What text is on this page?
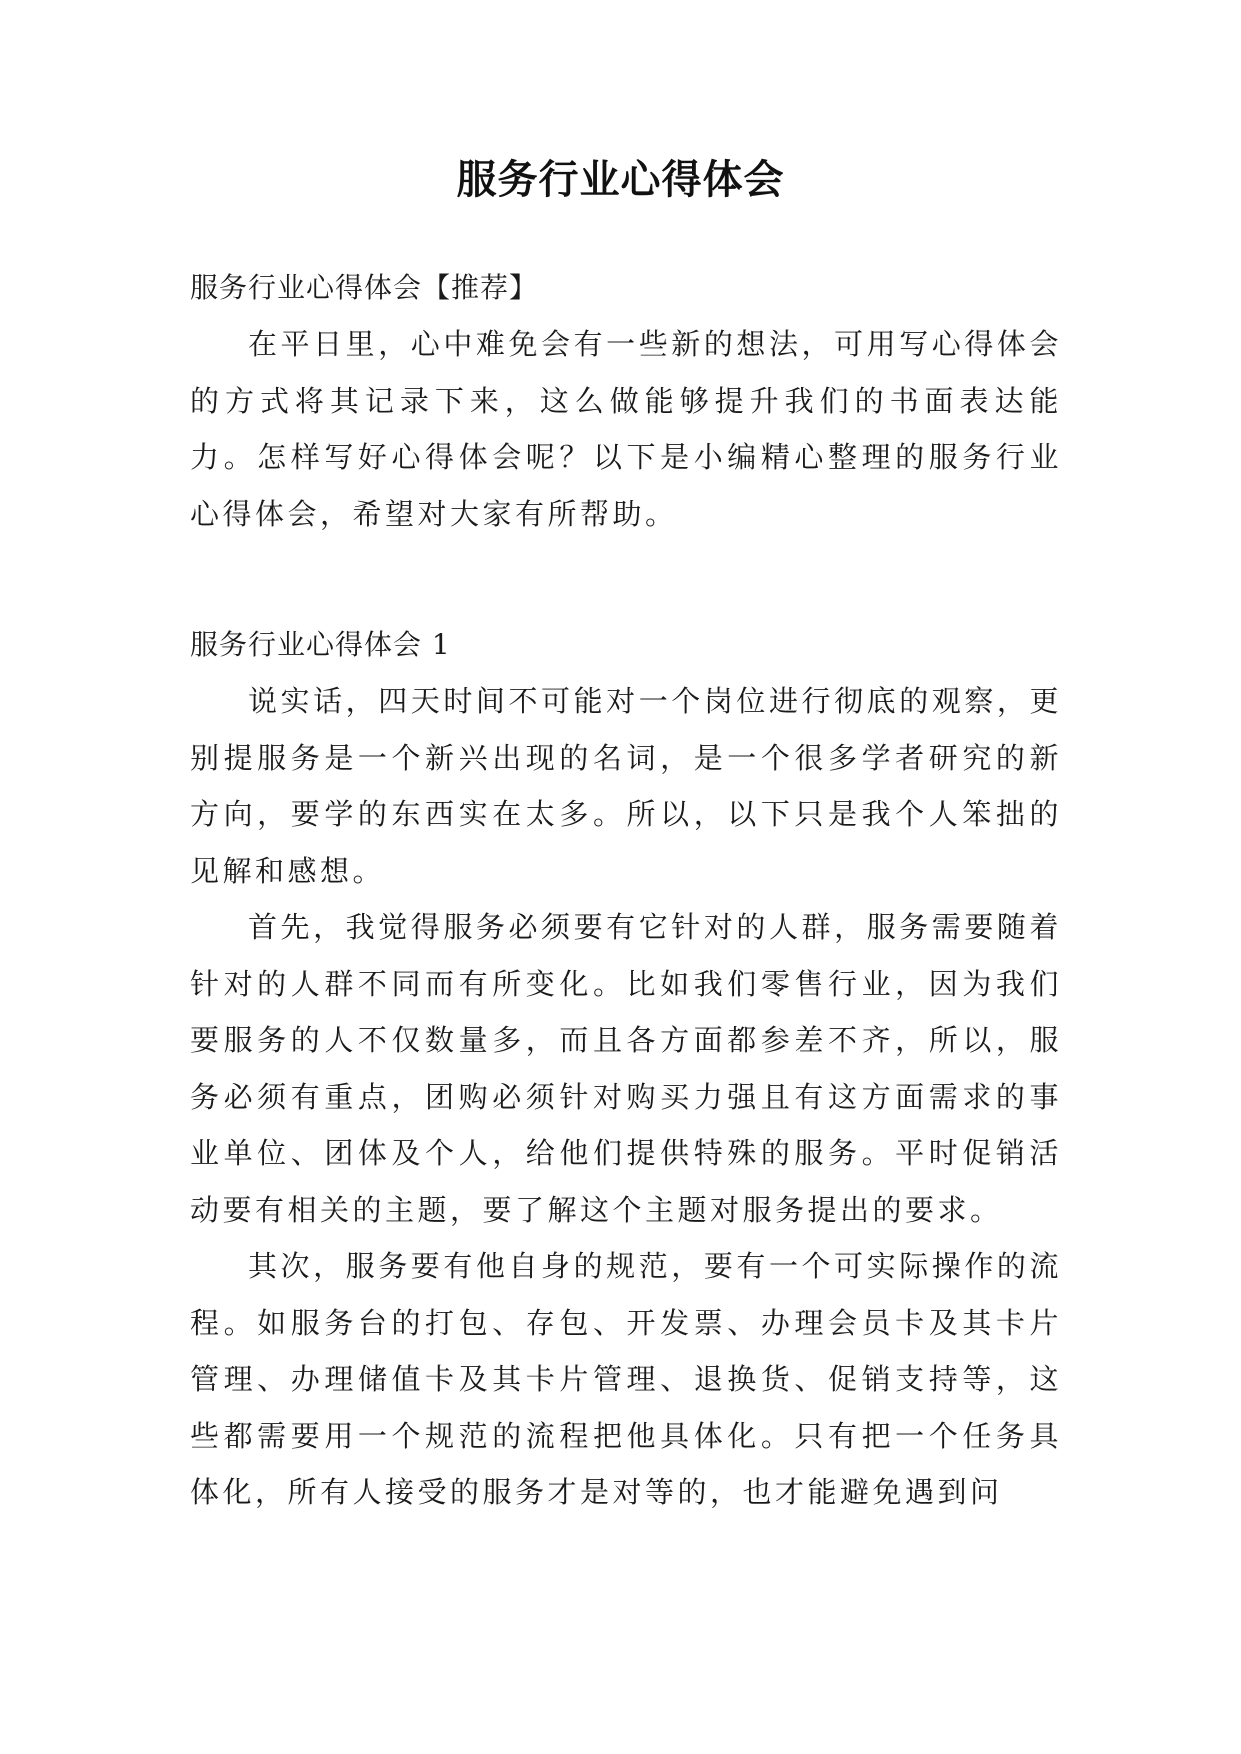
服务行业心得体会

服务行业心得体会【推荐】

在平日里，心中难免会有一些新的想法，可用写心得体会的方式将其记录下来，这么做能够提升我们的书面表达能力。怎样写好心得体会呢？以下是小编精心整理的服务行业心得体会，希望对大家有所帮助。

服务行业心得体会 1

说实话，四天时间不可能对一个岗位进行彻底的观察，更别提服务是一个新兴出现的名词，是一个很多学者研究的新方向，要学的东西实在太多。所以，以下只是我个人笨拙的见解和感想。

首先，我觉得服务必须要有它针对的人群，服务需要随着针对的人群不同而有所变化。比如我们零售行业，因为我们要服务的人不仅数量多，而且各方面都参差不齐，所以，服务必须有重点，团购必须针对购买力强且有这方面需求的事业单位、团体及个人，给他们提供特殊的服务。平时促销活动要有相关的主题，要了解这个主题对服务提出的要求。

其次，服务要有他自身的规范，要有一个可实际操作的流程。如服务台的打包、存包、开发票、办理会员卡及其卡片管理、办理储值卡及其卡片管理、退换货、促销支持等，这些都需要用一个规范的流程把他具体化。只有把一个任务具体化，所有人接受的服务才是对等的，也才能避免遇到问
